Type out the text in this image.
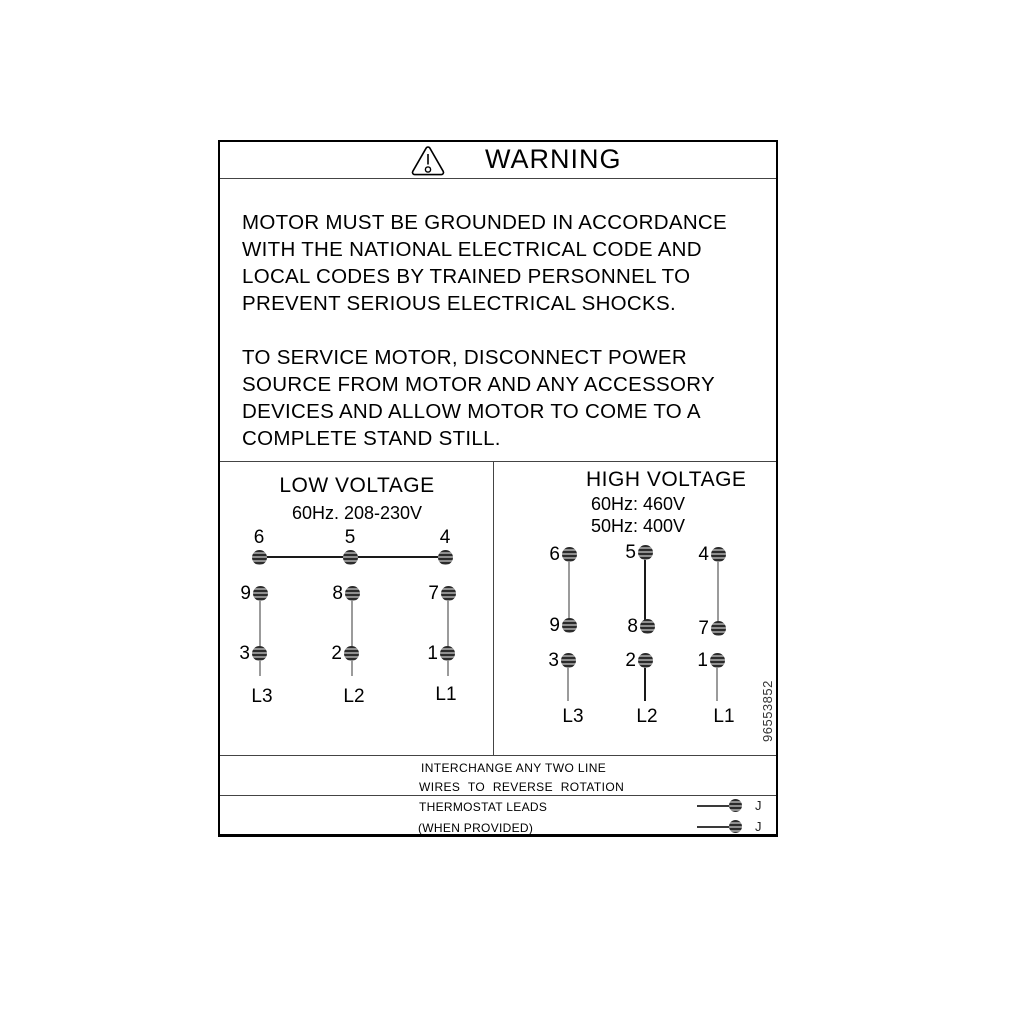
WARNING
MOTOR MUST BE GROUNDED IN ACCORDANCE
WITH THE NATIONAL ELECTRICAL CODE AND
LOCAL CODES BY TRAINED PERSONNEL TO
PREVENT SERIOUS ELECTRICAL SHOCKS.
TO SERVICE MOTOR, DISCONNECT POWER
SOURCE FROM MOTOR AND ANY ACCESSORY
DEVICES AND ALLOW MOTOR TO COME TO A
COMPLETE STAND STILL.
LOW VOLTAGE
60Hz. 208-230V
6	5	4
9	8	7
3	2	1
L3	L2	L1
HIGH VOLTAGE
60Hz: 460V
50Hz: 400V
96553852
6	5	4
9	8	7
3	2	1
L3	L2	L1
INTERCHANGE ANY TWO LINE
WIRES TO REVERSE ROTATION
THERMOSTAT LEADS
(WHEN PROVIDED)
J
J
